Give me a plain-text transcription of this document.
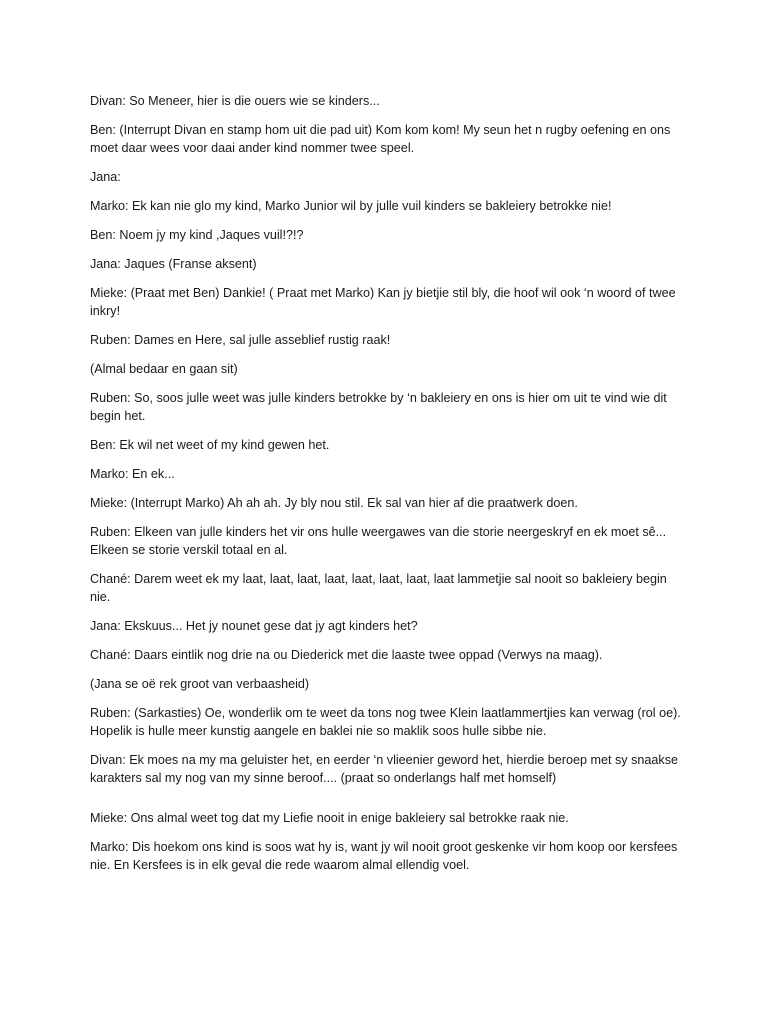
Divan: So Meneer, hier is die ouers wie se kinders...

Ben: (Interrupt Divan en stamp hom uit die pad uit) Kom kom kom! My seun het n rugby oefening en ons moet daar wees voor daai ander kind nommer twee speel.

Jana:

Marko: Ek kan nie glo my kind, Marko Junior wil by julle vuil kinders se bakleiery betrokke nie!

Ben: Noem jy my kind ,Jaques vuil!?!?

Jana: Jaques (Franse aksent)

Mieke: (Praat met Ben) Dankie! ( Praat met Marko) Kan jy bietjie stil bly, die hoof wil ook ‘n woord of twee inkry!

Ruben: Dames en Here, sal julle asseblief rustig raak!

(Almal bedaar en gaan sit)

Ruben: So, soos julle weet was julle kinders betrokke by ‘n bakleiery en ons is hier om uit te vind wie dit begin het.

Ben: Ek wil net weet of my kind gewen het.

Marko: En ek...

Mieke: (Interrupt Marko) Ah ah ah. Jy bly nou stil. Ek sal van hier af die praatwerk doen.

Ruben: Elkeen van julle kinders het vir ons hulle weergawes van die storie neergeskryf en ek moet sê... Elkeen se storie verskil totaal en al.

Chané: Darem weet ek my laat, laat, laat, laat, laat, laat, laat, laat lammetjie sal nooit so bakleiery begin nie.

Jana: Ekskuus... Het jy nounet gese dat jy agt kinders het?

Chané: Daars eintlik nog drie na ou Diederick met die laaste twee oppad (Verwys na maag).

(Jana se oë rek groot van verbaasheid)

Ruben: (Sarkasties) Oe, wonderlik om te weet da tons nog twee Klein laatlammertjies kan verwag (rol oe). Hopelik is hulle meer kunstig aangele en baklei nie so maklik soos hulle sibbe nie.

Divan: Ek moes na my ma geluister het, en eerder ‘n vlieenier geword het, hierdie beroep met sy snaakse karakters sal my nog van my sinne beroof.... (praat so onderlangs half met homself)

Mieke: Ons almal weet tog dat my Liefie nooit in enige bakleiery sal betrokke raak nie.

Marko: Dis hoekom ons kind is soos wat hy is, want jy wil nooit groot geskenke vir hom koop oor kersfees nie. En Kersfees is in elk geval die rede waarom almal ellendig voel.
